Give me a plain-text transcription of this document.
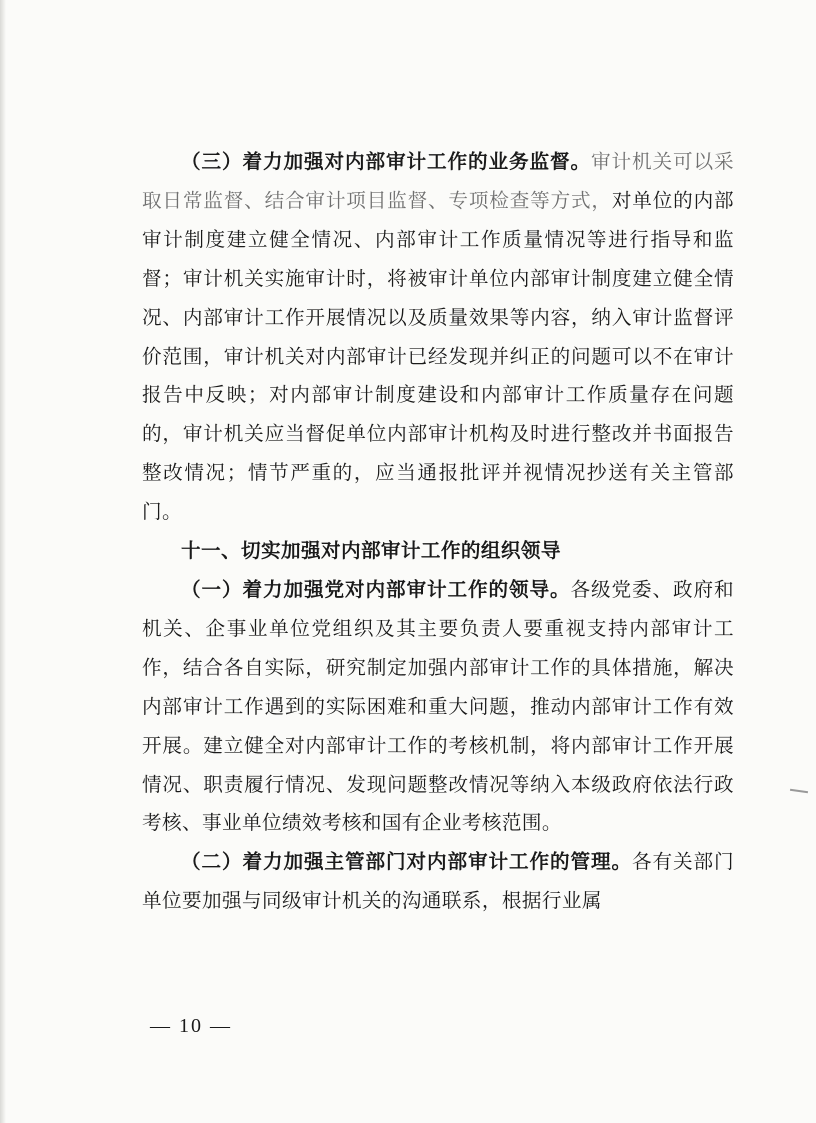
（三）着力加强对内部审计工作的业务监督。审计机关可以采取日常监督、结合审计项目监督、专项检查等方式，对单位的内部审计制度建立健全情况、内部审计工作质量情况等进行指导和监督；审计机关实施审计时，将被审计单位内部审计制度建立健全情况、内部审计工作开展情况以及质量效果等内容，纳入审计监督评价范围，审计机关对内部审计已经发现并纠正的问题可以不在审计报告中反映；对内部审计制度建设和内部审计工作质量存在问题的，审计机关应当督促单位内部审计机构及时进行整改并书面报告整改情况；情节严重的，应当通报批评并视情况抄送有关主管部门。

十一、切实加强对内部审计工作的组织领导

（一）着力加强党对内部审计工作的领导。各级党委、政府和机关、企事业单位党组织及其主要负责人要重视支持内部审计工作，结合各自实际，研究制定加强内部审计工作的具体措施，解决内部审计工作遇到的实际困难和重大问题，推动内部审计工作有效开展。建立健全对内部审计工作的考核机制，将内部审计工作开展情况、职责履行情况、发现问题整改情况等纳入本级政府依法行政考核、事业单位绩效考核和国有企业考核范围。

（二）着力加强主管部门对内部审计工作的管理。各有关部门单位要加强与同级审计机关的沟通联系，根据行业属

— 10 —
